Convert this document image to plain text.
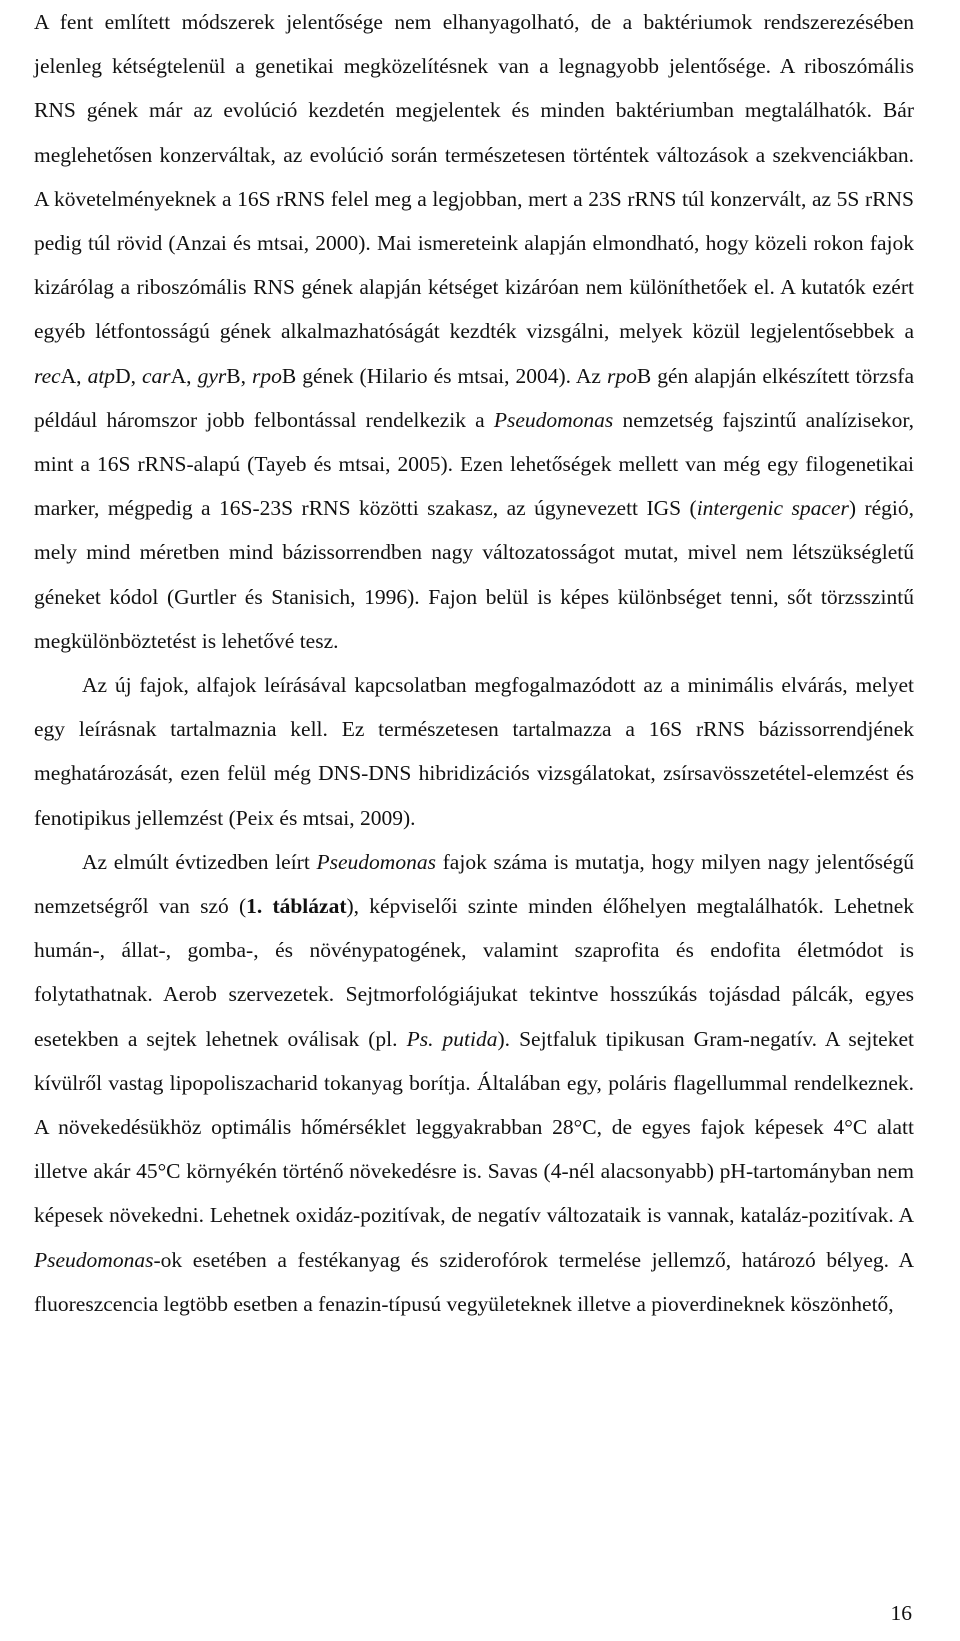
A fent említett módszerek jelentősége nem elhanyagolható, de a baktériumok rendszerezésében jelenleg kétségtelenül a genetikai megközelítésnek van a legnagyobb jelentősége. A riboszómális RNS gének már az evolúció kezdetén megjelentek és minden baktériumban megtalálhatók. Bár meglehetősen konzerváltak, az evolúció során természetesen történtek változások a szekvenciákban. A követelményeknek a 16S rRNS felel meg a legjobban, mert a 23S rRNS túl konzervált, az 5S rRNS pedig túl rövid (Anzai és mtsai, 2000). Mai ismereteink alapján elmondható, hogy közeli rokon fajok kizárólag a riboszómális RNS gének alapján kétséget kizáróan nem különíthetőek el. A kutatók ezért egyéb létfontosságú gének alkalmazhatóságát kezdték vizsgálni, melyek közül legjelentősebbek a recA, atpD, carA, gyrB, rpoB gének (Hilario és mtsai, 2004). Az rpoB gén alapján elkészített törzsfa például háromszor jobb felbontással rendelkezik a Pseudomonas nemzetség fajszintű analízisekor, mint a 16S rRNS-alapú (Tayeb és mtsai, 2005). Ezen lehetőségek mellett van még egy filogenetikai marker, mégpedig a 16S-23S rRNS közötti szakasz, az úgynevezett IGS (intergenic spacer) régió, mely mind méretben mind bázissorrendben nagy változatosságot mutat, mivel nem létszükségletű géneket kódol (Gurtler és Stanisich, 1996). Fajon belül is képes különbséget tenni, sőt törzsszintű megkülönböztetést is lehetővé tesz.

Az új fajok, alfajok leírásával kapcsolatban megfogalmazódott az a minimális elvárás, melyet egy leírásnak tartalmaznia kell. Ez természetesen tartalmazza a 16S rRNS bázissorrendjének meghatározását, ezen felül még DNS-DNS hibridizációs vizsgálatokat, zsírsavösszetétel-elemzést és fenotipikus jellemzést (Peix és mtsai, 2009).

Az elmúlt évtizedben leírt Pseudomonas fajok száma is mutatja, hogy milyen nagy jelentőségű nemzetségről van szó (1. táblázat), képviselői szinte minden élőhelyen megtalálhatók. Lehetnek humán-, állat-, gomba-, és növénypatogének, valamint szaprofita és endofita életmódot is folytathatnak. Aerob szervezetek. Sejtmorfológiájukat tekintve hosszúkás tojásdad pálcák, egyes esetekben a sejtek lehetnek oválisak (pl. Ps. putida). Sejtfaluk tipikusan Gram-negatív. A sejteket kívülről vastag lipopoliszacharid tokanyag borítja. Általában egy, poláris flagellummal rendelkeznek. A növekedésükhöz optimális hőmérséklet leggyakrabban 28°C, de egyes fajok képesek 4°C alatt illetve akár 45°C környékén történő növekedésre is. Savas (4-nél alacsonyabb) pH-tartományban nem képesek növekedni. Lehetnek oxidáz-pozitívak, de negatív változataik is vannak, kataláz-pozitívak. A Pseudomonas-ok esetében a festékanyag és sziderofórok termelése jellemző, határozó bélyeg. A fluoreszcencia legtöbb esetben a fenazin-típusú vegyületeknek illetve a pioverdineknek köszönhető,

16
